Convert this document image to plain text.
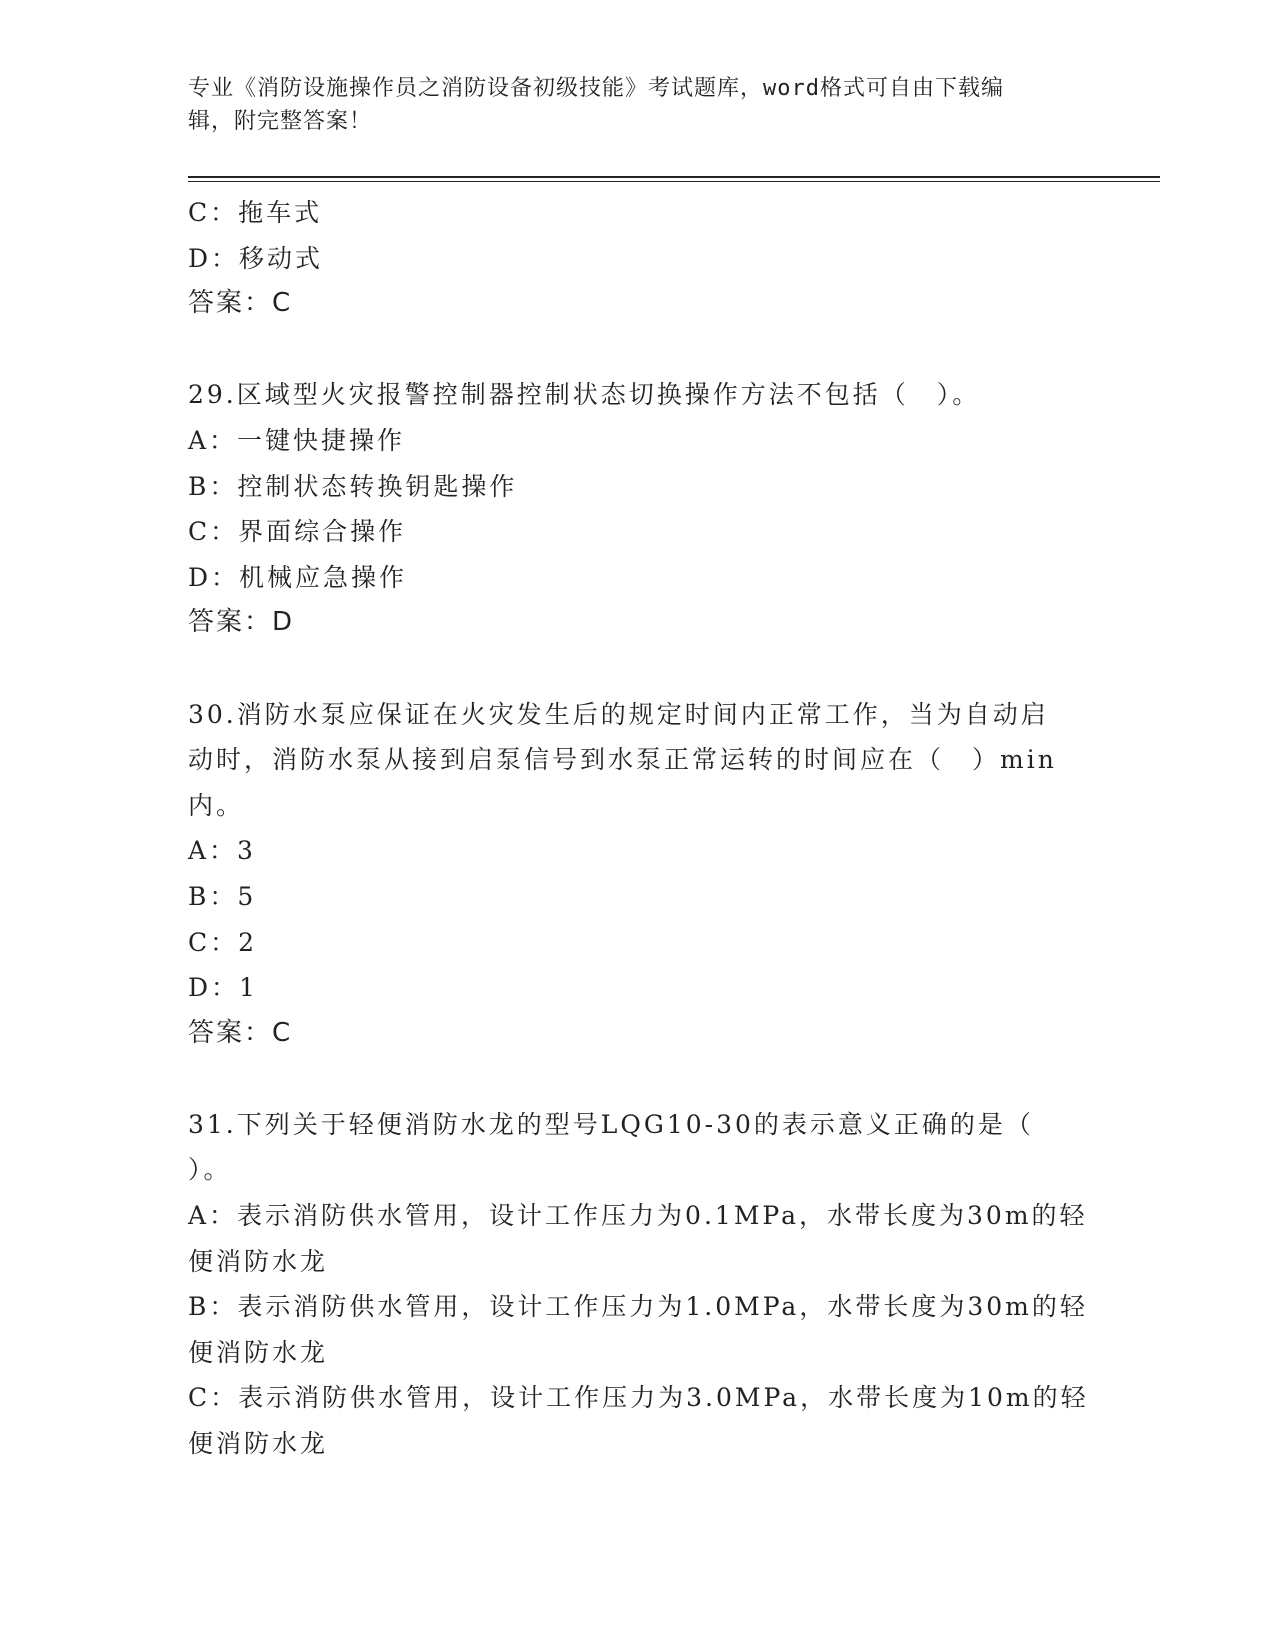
专业《消防设施操作员之消防设备初级技能》考试题库，word格式可自由下载编
辑，附完整答案！
C：拖车式
D：移动式
答案：C
29.区域型火灾报警控制器控制状态切换操作方法不包括（　）。
A：一键快捷操作
B：控制状态转换钥匙操作
C：界面综合操作
D：机械应急操作
答案：D
30.消防水泵应保证在火灾发生后的规定时间内正常工作，当为自动启
动时，消防水泵从接到启泵信号到水泵正常运转的时间应在（　）min
内。
A：3
B：5
C：2
D：1
答案：C
31.下列关于轻便消防水龙的型号LQG10-30的表示意义正确的是（
）。
A：表示消防供水管用，设计工作压力为0.1MPa，水带长度为30m的轻
便消防水龙
B：表示消防供水管用，设计工作压力为1.0MPa，水带长度为30m的轻
便消防水龙
C：表示消防供水管用，设计工作压力为3.0MPa，水带长度为10m的轻
便消防水龙
